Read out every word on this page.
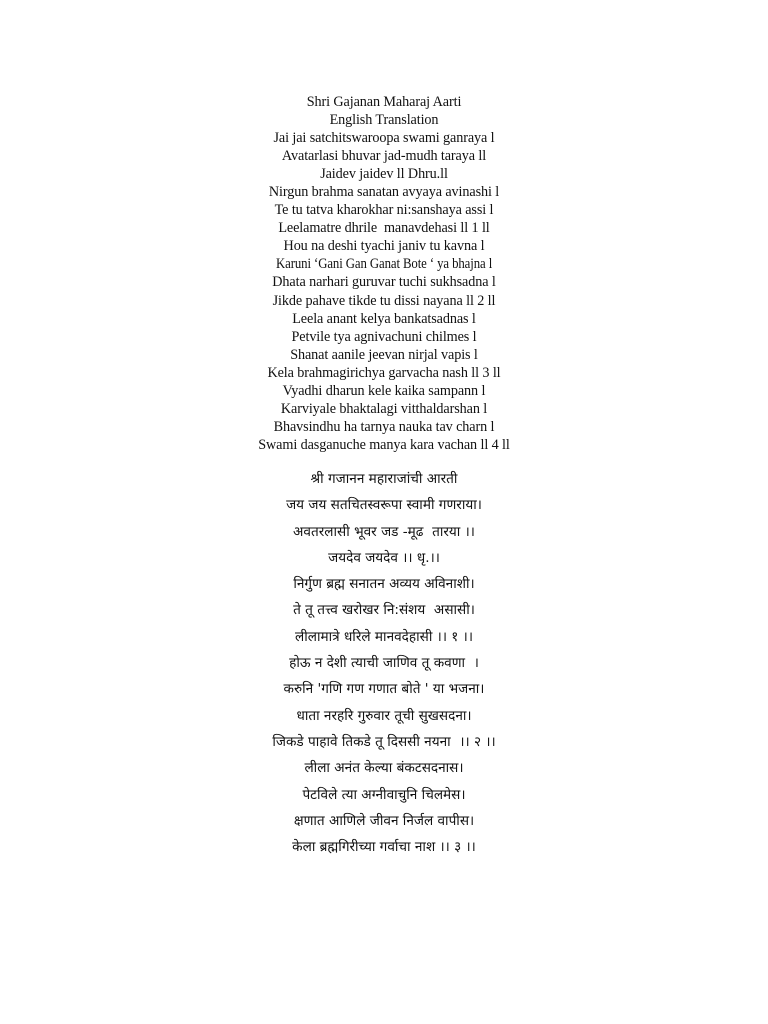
Shri Gajanan Maharaj Aarti
English Translation
Jai jai satchitswaroopa swami ganraya l
Avatarlasi bhuvar jad-mudh taraya ll
Jaidev jaidev ll Dhru.ll
Nirgun brahma sanatan avyaya avinashi l
Te tu tatva kharokhar ni:sanshaya assi l
Leelamatre dhrile  manavdehasi ll 1 ll
Hou na deshi tyachi janiv tu kavna l
Karuni ‘Gani Gan Ganat Bote ‘ ya bhajna l
Dhata narhari guruvar tuchi sukhsadna l
Jikde pahave tikde tu dissi nayana ll 2 ll
Leela anant kelya bankatsadnas l
Petvile tya agnivachuni chilmes l
Shanat aanile jeevan nirjal vapis l
Kela brahmagirichya garvacha nash ll 3 ll
Vyadhi dharun kele kaika sampann l
Karviyale bhaktalagi vitthaldarshan l
Bhavsindhu ha tarnya nauka tav charn l
Swami dasganuche manya kara vachan ll 4 ll
श्री गजानन महाराजांची आरती
जय जय सतचितस्वरूपा स्वामी गणराया।
अवतरलासी भूवर जड -मूढ  तारया ।।
जयदेव जयदेव ।। धृ.।।
निर्गुण ब्रह्म सनातन अव्यय अविनाशी।
ते तू तत्त्व खरोखर नि:संशय  असासी।
लीलामात्रे धरिले मानवदेहासी ।। १ ।।
होऊ न देशी त्याची जाणिव तू कवणा  ।
करुनि 'गणि गण गणात बोते ' या भजना।
धाता नरहरि गुरुवार तूची सुखसदना।
जिकडे पाहावे तिकडे तू दिससी नयना  ।। २ ।।
लीला अनंत केल्या बंकटसदनास।
पेटविले त्या अग्नीवाचुनि चिलमेस।
क्षणात आणिले जीवन निर्जल वापीस।
केला ब्रह्मगिरीच्या गर्वाचा नाश ।। ३ ।।
